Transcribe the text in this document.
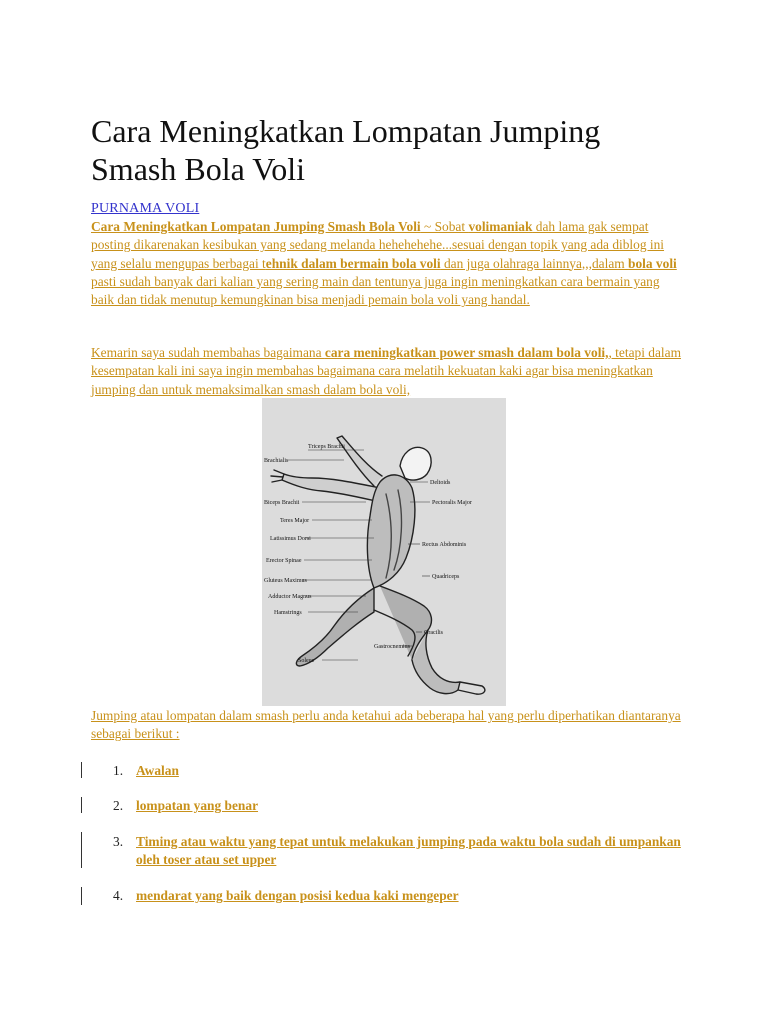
Cara Meningkatkan Lompatan Jumping Smash Bola Voli
PURNAMA VOLI
Cara Meningkatkan Lompatan Jumping Smash Bola Voli ~ Sobat volimaniak dah lama gak sempat posting dikarenakan kesibukan yang sedang melanda hehehehehe...sesuai dengan topik yang ada diblog ini yang selalu mengupas berbagai tehnik dalam bermain bola voli dan juga olahraga lainnya,,,dalam bola voli pasti sudah banyak dari kalian yang sering main dan tentunya juga ingin meningkatkan cara bermain yang baik dan tidak menutup kemungkinan bisa menjadi pemain bola voli yang handal.
Kemarin saya sudah membahas bagaimana cara meningkatkan power smash dalam bola voli,, tetapi dalam kesempatan kali ini saya ingin membahas bagaimana cara melatih kekuatan kaki agar bisa meningkatkan jumping dan untuk memaksimalkan smash dalam bola voli,
Jumping atau lompatan dalam smash perlu anda ketahui ada beberapa hal yang perlu diperhatikan diantaranya sebagai berikut :
1. Awalan
2. lompatan yang benar
3. Timing atau waktu yang tepat untuk melakukan jumping pada waktu bola sudah di umpankan oleh toser atau set upper
4. mendarat yang baik dengan posisi kedua kaki mengeper
Brachialis
Triceps Brachii
Biceps Brachii
Teres Major
Latissimus Dorsi
Erector Spinae
Gluteus Maximus
Adductor Magnus
Hamstrings
Soleus
Deltoids
Pectoralis Major
Rectus Abdominis
Quadriceps
Gracilis
Gastrocnemius
